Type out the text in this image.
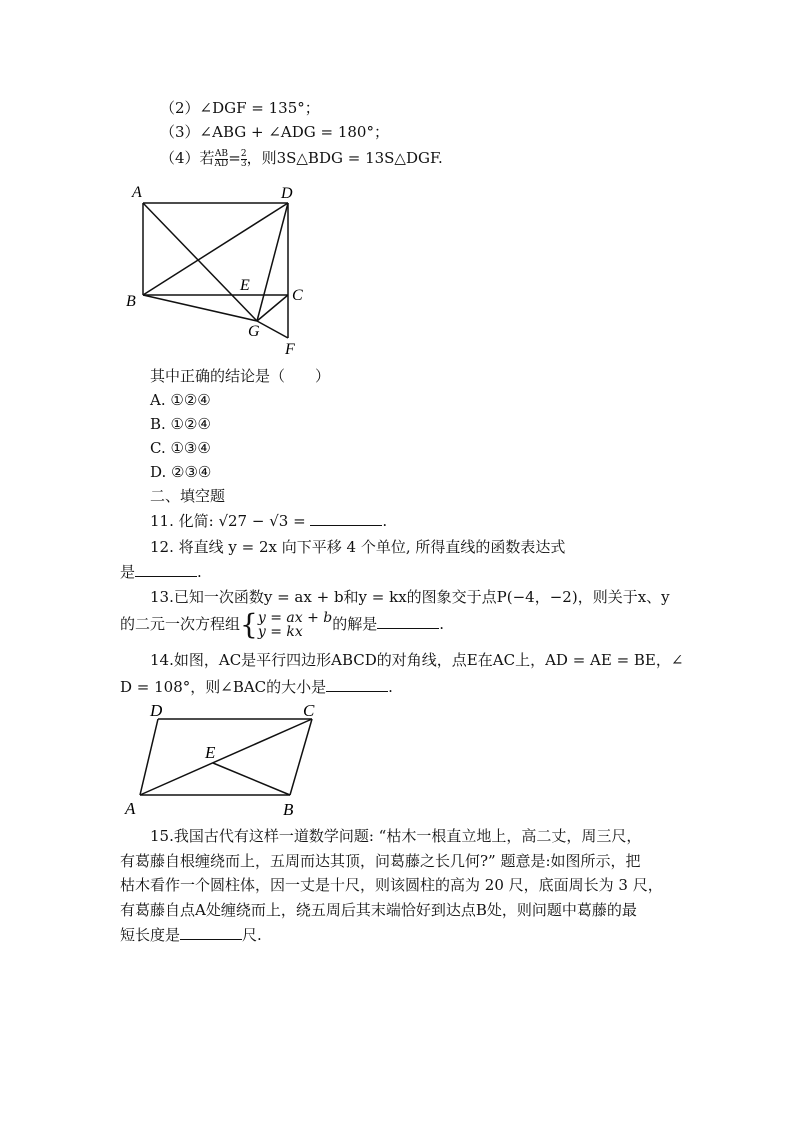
（2）∠DGF = 135°；
（3）∠ABG + ∠ADG = 180°；
（4）若$\frac{AB}{AD} =\frac{2}{3}$ ，则3S△BDG = 13S△DGF.
A	D
B
E
C
G
F
其中正确的结论是（　　）
A. ①②④
B. ①②④
C. ①③④
D. ②③④
二、填空题
11. 化简: √27 − √3 =	.
12. 将直线 y = 2x 向下平移 4 个单位, 所得直线的函数表达式
是	.
13.已知一次函数y = ax + b和y = kx的图象交于点P(−4，−2)，则关于x、y
的二元一次方程组{y = ax + b
y = kx 的解是	.
14.如图，AC是平行四边形ABCD的对角线，点E在AC上，AD = AE = BE，∠
D = 108°，则∠BAC的大小是	.
D	C
E
A	B
15.我国古代有这样一道数学问题: “枯木一根直立地上，高二丈，周三尺，
有葛藤自根缠绕而上，五周而达其顶，问葛藤之长几何?” 题意是:如图所示，把
枯木看作一个圆柱体，因一丈是十尺，则该圆柱的高为 20 尺，底面周长为 3 尺，
有葛藤自点A处缠绕而上，绕五周后其末端恰好到达点B处，则问题中葛藤的最
短长度是	尺.
